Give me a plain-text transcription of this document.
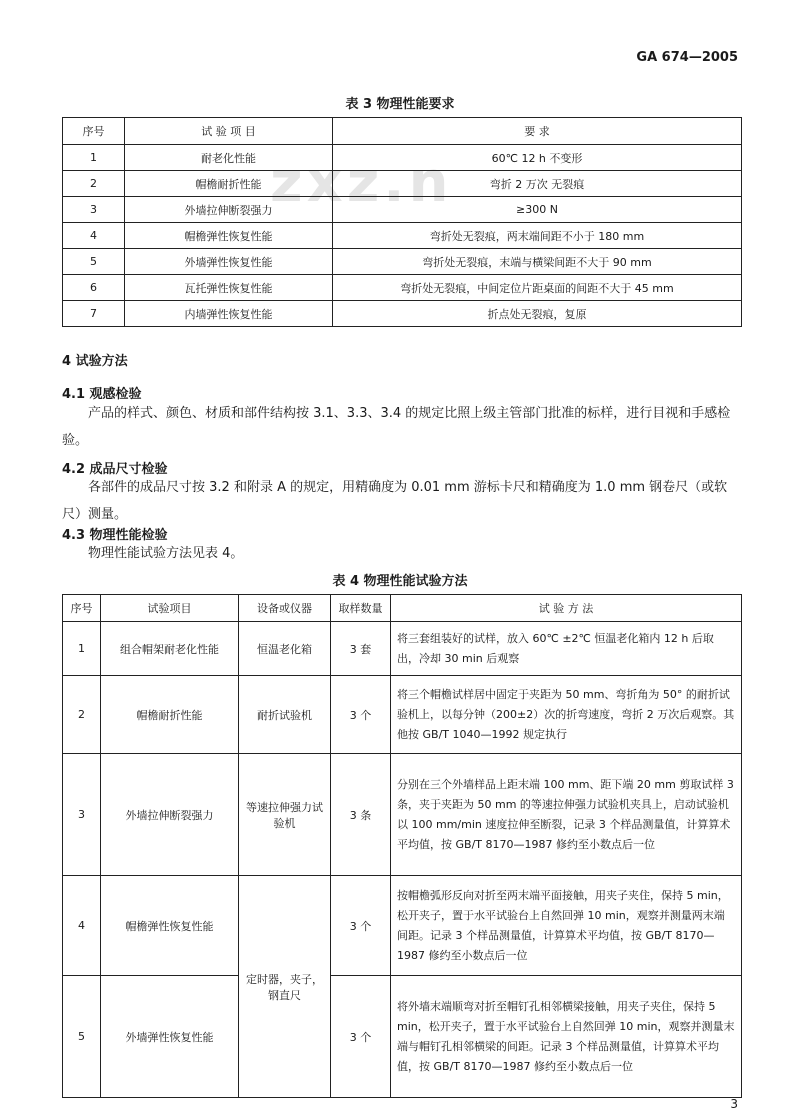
GA 674—2005
zxz.n
表 3 物理性能要求
序号	试 验 项 目	要 求
1	耐老化性能	60℃ 12 h 不变形
2	帽檐耐折性能	弯折 2 万次 无裂痕
3	外墙拉伸断裂强力	≥300 N
4	帽檐弹性恢复性能	弯折处无裂痕，两末端间距不小于 180 mm
5	外墙弹性恢复性能	弯折处无裂痕，末端与横梁间距不大于 90 mm
6	瓦托弹性恢复性能	弯折处无裂痕，中间定位片距桌面的间距不大于 45 mm
7	内墙弹性恢复性能	折点处无裂痕，复原
4 试验方法
4.1 观感检验
产品的样式、颜色、材质和部件结构按 3.1、3.3、3.4 的规定比照上级主管部门批准的标样，进行目视和手感检验。
4.2 成品尺寸检验
各部件的成品尺寸按 3.2 和附录 A 的规定，用精确度为 0.01 mm 游标卡尺和精确度为 1.0 mm 钢卷尺（或软尺）测量。
4.3 物理性能检验
物理性能试验方法见表 4。
表 4 物理性能试验方法
序号	试验项目	设备或仪器	取样数量	试 验 方 法
1	组合帽架耐老化性能	恒温老化箱	3 套	将三套组装好的试样，放入 60℃ ±2℃ 恒温老化箱内 12 h 后取出，冷却 30 min 后观察
2	帽檐耐折性能	耐折试验机	3 个	将三个帽檐试样居中固定于夹距为 50 mm、弯折角为 50° 的耐折试验机上，以每分钟（200±2）次的折弯速度，弯折 2 万次后观察。其他按 GB/T 1040—1992 规定执行
3	外墙拉伸断裂强力	等速拉伸强力试验机	3 条	分别在三个外墙样品上距末端 100 mm、距下端 20 mm 剪取试样 3 条，夹于夹距为 50 mm 的等速拉伸强力试验机夹具上，启动试验机以 100 mm/min 速度拉伸至断裂，记录 3 个样品测量值，计算算术平均值，按 GB/T 8170—1987 修约至小数点后一位
4	帽檐弹性恢复性能	定时器，夹子，钢直尺	3 个	按帽檐弧形反向对折至两末端平面接触，用夹子夹住，保持 5 min，松开夹子，置于水平试验台上自然回弹 10 min，观察并测量两末端间距。记录 3 个样品测量值，计算算术平均值，按 GB/T 8170—1987 修约至小数点后一位
5	外墙弹性恢复性能		3 个	将外墙末端顺弯对折至帽钉孔相邻横梁接触，用夹子夹住，保持 5 min，松开夹子，置于水平试验台上自然回弹 10 min，观察并测量末端与帽钉孔相邻横梁的间距。记录 3 个样品测量值，计算算术平均值，按 GB/T 8170—1987 修约至小数点后一位
3
